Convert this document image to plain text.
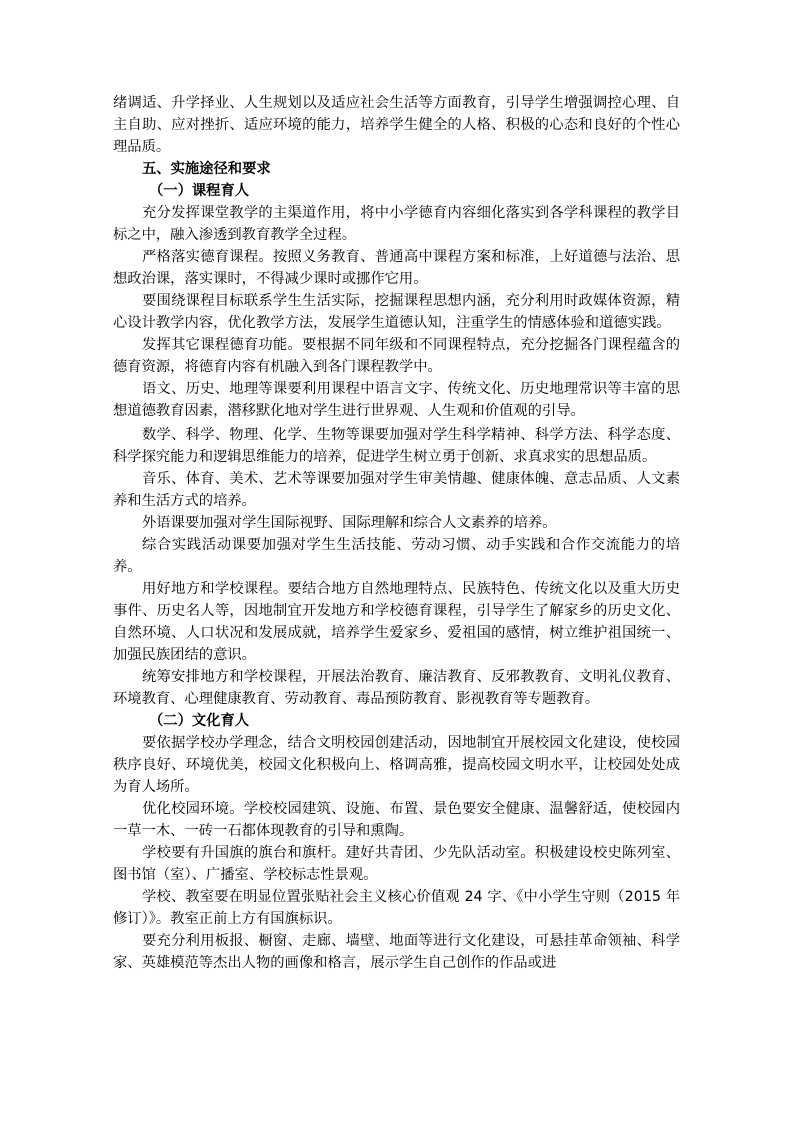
绪调适、升学择业、人生规划以及适应社会生活等方面教育，引导学生增强调控心理、自主自助、应对挫折、适应环境的能力，培养学生健全的人格、积极的心态和良好的个性心理品质。

五、实施途径和要求

（一）课程育人

充分发挥课堂教学的主渠道作用，将中小学德育内容细化落实到各学科课程的教学目标之中，融入渗透到教育教学全过程。

严格落实德育课程。按照义务教育、普通高中课程方案和标准，上好道德与法治、思想政治课，落实课时，不得减少课时或挪作它用。

要围绕课程目标联系学生生活实际，挖掘课程思想内涵，充分利用时政媒体资源，精心设计教学内容，优化教学方法，发展学生道德认知，注重学生的情感体验和道德实践。

发挥其它课程德育功能。要根据不同年级和不同课程特点，充分挖掘各门课程蕴含的德育资源，将德育内容有机融入到各门课程教学中。

语文、历史、地理等课要利用课程中语言文字、传统文化、历史地理常识等丰富的思想道德教育因素，潜移默化地对学生进行世界观、人生观和价值观的引导。

数学、科学、物理、化学、生物等课要加强对学生科学精神、科学方法、科学态度、科学探究能力和逻辑思维能力的培养，促进学生树立勇于创新、求真求实的思想品质。

音乐、体育、美术、艺术等课要加强对学生审美情趣、健康体魄、意志品质、人文素养和生活方式的培养。

外语课要加强对学生国际视野、国际理解和综合人文素养的培养。

综合实践活动课要加强对学生生活技能、劳动习惯、动手实践和合作交流能力的培养。

用好地方和学校课程。要结合地方自然地理特点、民族特色、传统文化以及重大历史事件、历史名人等，因地制宜开发地方和学校德育课程，引导学生了解家乡的历史文化、自然环境、人口状况和发展成就，培养学生爱家乡、爱祖国的感情，树立维护祖国统一、加强民族团结的意识。

统筹安排地方和学校课程，开展法治教育、廉洁教育、反邪教教育、文明礼仪教育、环境教育、心理健康教育、劳动教育、毒品预防教育、影视教育等专题教育。

（二）文化育人

要依据学校办学理念，结合文明校园创建活动，因地制宜开展校园文化建设，使校园秩序良好、环境优美，校园文化积极向上、格调高雅，提高校园文明水平，让校园处处成为育人场所。

优化校园环境。学校校园建筑、设施、布置、景色要安全健康、温馨舒适，使校园内一草一木、一砖一石都体现教育的引导和熏陶。

学校要有升国旗的旗台和旗杆。建好共青团、少先队活动室。积极建设校史陈列室、图书馆（室）、广播室、学校标志性景观。

学校、教室要在明显位置张贴社会主义核心价值观 24 字、《中小学生守则（2015 年修订）》。教室正前上方有国旗标识。

要充分利用板报、橱窗、走廊、墙壁、地面等进行文化建设，可悬挂革命领袖、科学家、英雄模范等杰出人物的画像和格言，展示学生自己创作的作品或进
